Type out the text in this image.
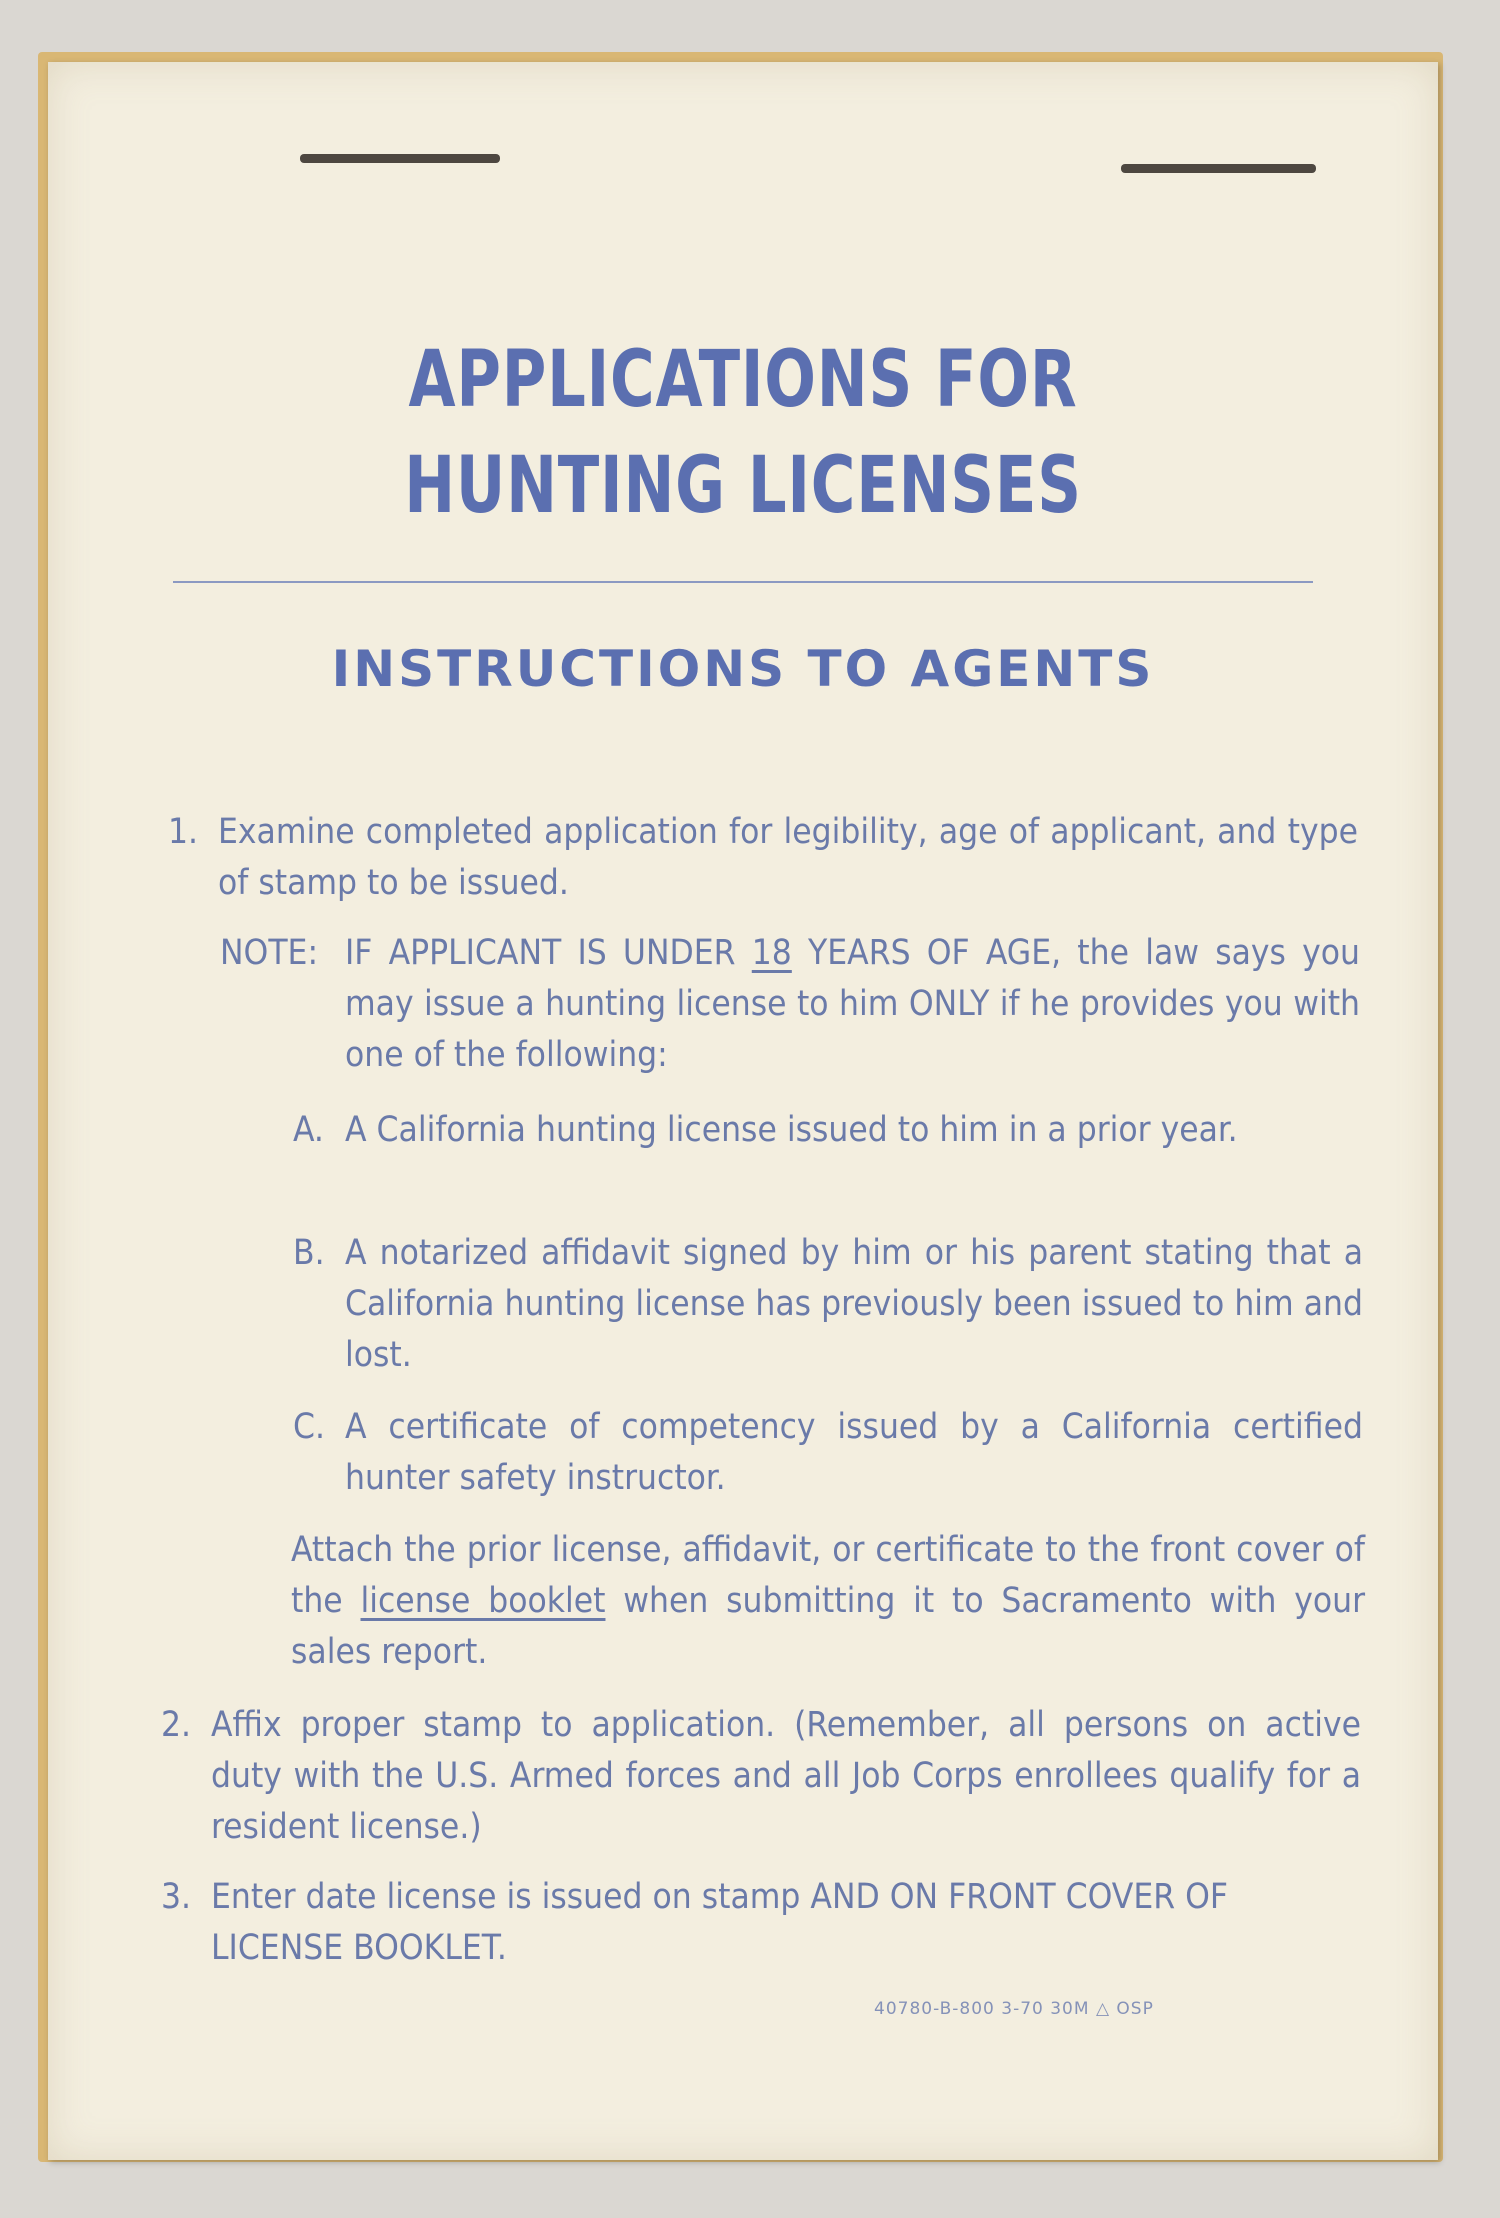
APPLICATIONS FOR
HUNTING LICENSES
INSTRUCTIONS TO AGENTS
1. Examine completed application for legibility, age of applicant, and type of stamp to be issued.
NOTE: IF APPLICANT IS UNDER 18 YEARS OF AGE, the law says you may issue a hunting license to him ONLY if he provides you with one of the following:
A. A California hunting license issued to him in a prior year.
B. A notarized affidavit signed by him or his parent stating that a California hunting license has previously been issued to him and lost.
C. A certificate of competency issued by a California certified hunter safety instructor.
Attach the prior license, affidavit, or certificate to the front cover of the license booklet when submitting it to Sacramento with your sales report.
2. Affix proper stamp to application. (Remember, all persons on active duty with the U.S. Armed forces and all Job Corps enrollees qualify for a resident license.)
3. Enter date license is issued on stamp AND ON FRONT COVER OF LICENSE BOOKLET.
40780-B-800 3-70 30M △ OSP
